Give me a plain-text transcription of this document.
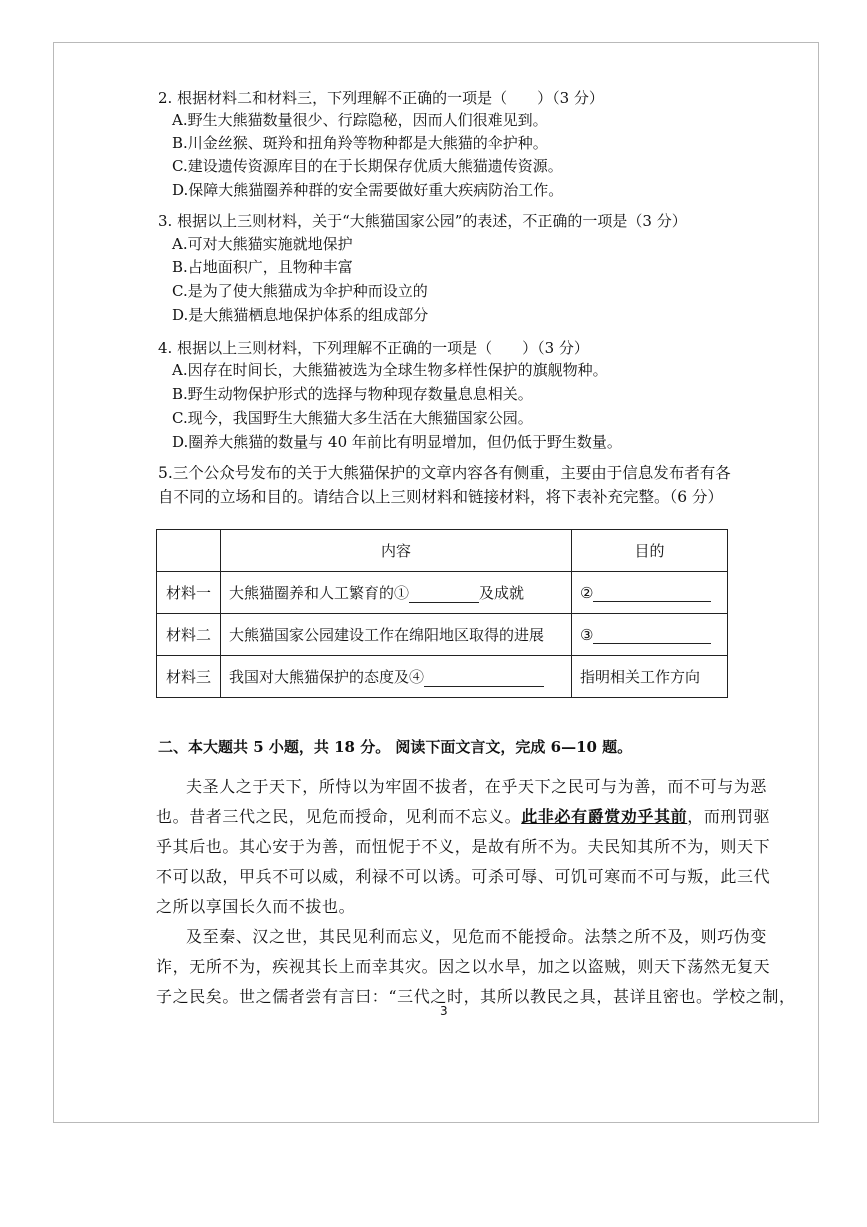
2. 根据材料二和材料三，下列理解不正确的一项是（　　）（3 分）
A.野生大熊猫数量很少、行踪隐秘，因而人们很难见到。
B.川金丝猴、斑羚和扭角羚等物种都是大熊猫的伞护种。
C.建设遗传资源库目的在于长期保存优质大熊猫遗传资源。
D.保障大熊猫圈养种群的安全需要做好重大疾病防治工作。
3. 根据以上三则材料，关于“大熊猫国家公园”的表述，不正确的一项是（3 分）
A.可对大熊猫实施就地保护
B.占地面积广，且物种丰富
C.是为了使大熊猫成为伞护种而设立的
D.是大熊猫栖息地保护体系的组成部分
4. 根据以上三则材料，下列理解不正确的一项是（　　）（3 分）
A.因存在时间长，大熊猫被选为全球生物多样性保护的旗舰物种。
B.野生动物保护形式的选择与物种现存数量息息相关。
C.现今，我国野生大熊猫大多生活在大熊猫国家公园。
D.圈养大熊猫的数量与 40 年前比有明显增加，但仍低于野生数量。
5.三个公众号发布的关于大熊猫保护的文章内容各有侧重，主要由于信息发布者有各
自不同的立场和目的。请结合以上三则材料和链接材料，将下表补充完整。（6 分）
	内容	目的
材料一	大熊猫圈养和人工繁育的① 及成就	②
材料二	大熊猫国家公园建设工作在绵阳地区取得的进展	③
材料三	我国对大熊猫保护的态度及④	指明相关工作方向
二、本大题共 5 小题，共 18 分。 阅读下面文言文，完成 6—10 题。
夫圣人之于天下，所恃以为牢固不拔者，在乎天下之民可与为善，而不可与为恶
也。昔者三代之民，见危而授命，见利而不忘义。此非必有爵赏劝乎其前，而刑罚驱
乎其后也。其心安于为善，而忸怩于不义，是故有所不为。夫民知其所不为，则天下
不可以敌，甲兵不可以威，利禄不可以诱。可杀可辱、可饥可寒而不可与叛，此三代
之所以享国长久而不拔也。
及至秦、汉之世，其民见利而忘义，见危而不能授命。法禁之所不及，则巧伪变
诈，无所不为，疾视其长上而幸其灾。因之以水旱，加之以盗贼，则天下荡然无复天
子之民矣。世之儒者尝有言曰：“三代之时，其所以教民之具，甚详且密也。学校之制，
3
